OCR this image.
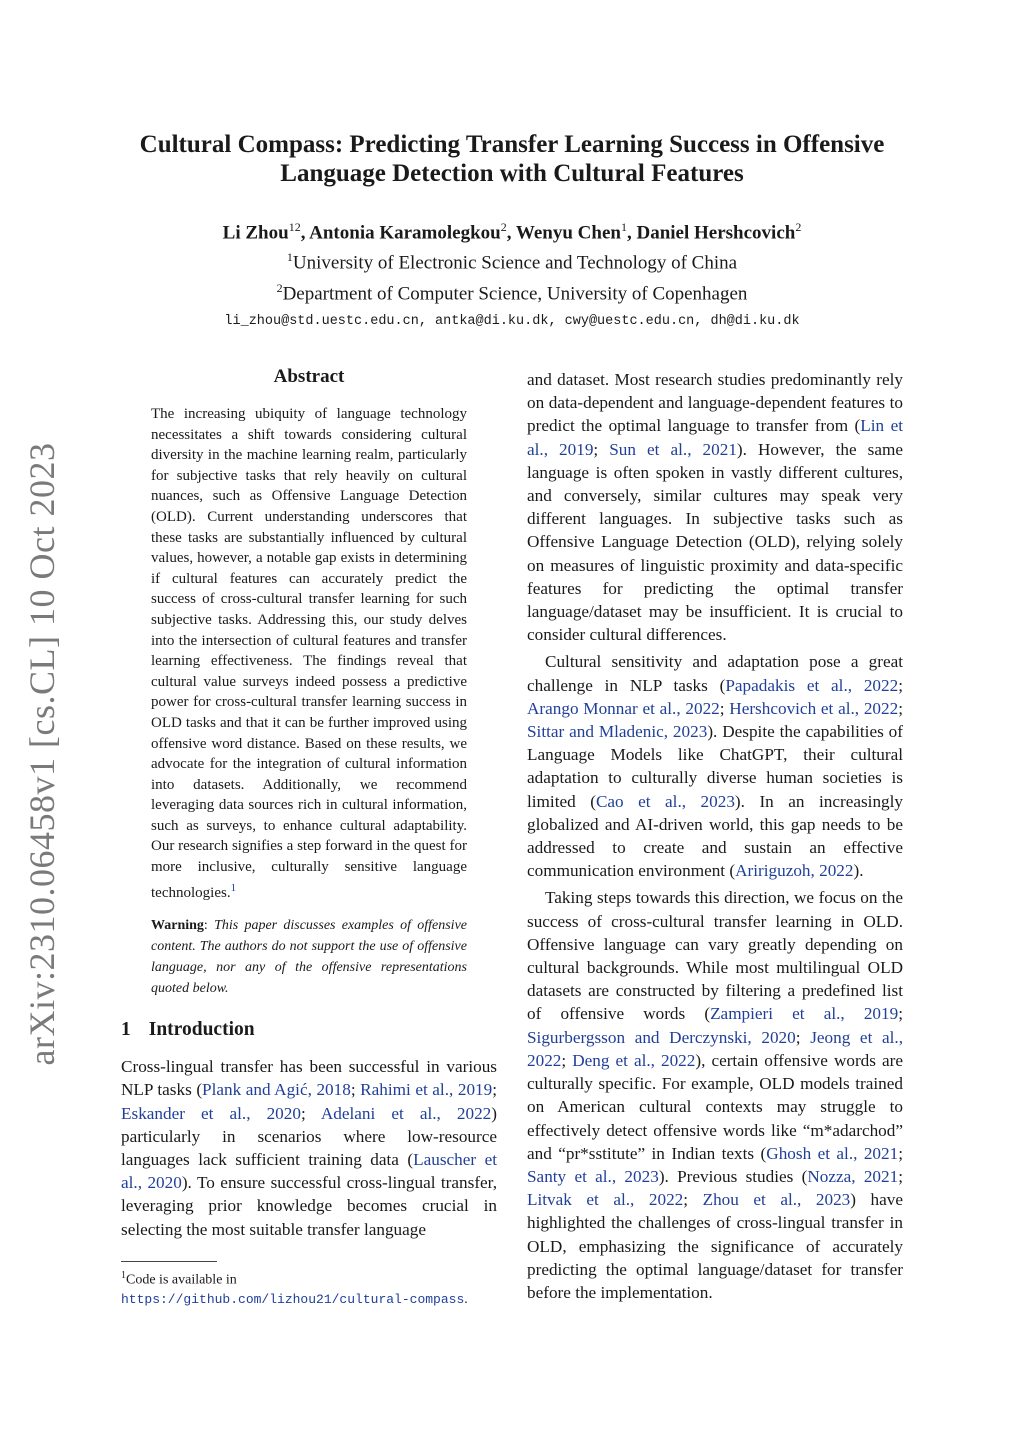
arXiv:2310.06458v1 [cs.CL] 10 Oct 2023
Cultural Compass: Predicting Transfer Learning Success in Offensive
Language Detection with Cultural Features
Li Zhou$^{12}$, Antonia Karamolegkou$^2$, Wenyu Chen$^1$, Daniel Hershcovich$^2$
$^1$University of Electronic Science and Technology of China
$^2$Department of Computer Science, University of Copenhagen
li_zhou@std.uestc.edu.cn, antka@di.ku.dk, cwy@uestc.edu.cn, dh@di.ku.dk
Abstract
The increasing ubiquity of language technology necessitates a shift towards considering cultural diversity in the machine learning realm, particularly for subjective tasks that rely heavily on cultural nuances, such as Offensive Language Detection (OLD). Current understanding underscores that these tasks are substantially influenced by cultural values, however, a notable gap exists in determining if cultural features can accurately predict the success of cross-cultural transfer learning for such subjective tasks. Addressing this, our study delves into the intersection of cultural features and transfer learning effectiveness. The findings reveal that cultural value surveys indeed possess a predictive power for cross-cultural transfer learning success in OLD tasks and that it can be further improved using offensive word distance. Based on these results, we advocate for the integration of cultural information into datasets. Additionally, we recommend leveraging data sources rich in cultural information, such as surveys, to enhance cultural adaptability. Our research signifies a step forward in the quest for more inclusive, culturally sensitive language technologies.$^1$
Warning: This paper discusses examples of offensive content. The authors do not support the use of offensive language, nor any of the offensive representations quoted below.
1 Introduction

Cross-lingual transfer has been successful in various NLP tasks (Plank and Agić, 2018; Rahimi et al., 2019; Eskander et al., 2020; Adelani et al., 2022) particularly in scenarios where low-resource languages lack sufficient training data (Lauscher et al., 2020). To ensure successful cross-lingual transfer, leveraging prior knowledge becomes crucial in selecting the most suitable transfer language

$^1$Code is available in https://github.com/lizhou21/cultural-compass.

and dataset. Most research studies predominantly rely on data-dependent and language-dependent features to predict the optimal language to transfer from (Lin et al., 2019; Sun et al., 2021). However, the same language is often spoken in vastly different cultures, and conversely, similar cultures may speak very different languages. In subjective tasks such as Offensive Language Detection (OLD), relying solely on measures of linguistic proximity and data-specific features for predicting the optimal transfer language/dataset may be insufficient. It is crucial to consider cultural differences.

Cultural sensitivity and adaptation pose a great challenge in NLP tasks (Papadakis et al., 2022; Arango Monnar et al., 2022; Hershcovich et al., 2022; Sittar and Mladenic, 2023). Despite the capabilities of Language Models like ChatGPT, their cultural adaptation to culturally diverse human societies is limited (Cao et al., 2023). In an increasingly globalized and AI-driven world, this gap needs to be addressed to create and sustain an effective communication environment (Aririguzoh, 2022).

Taking steps towards this direction, we focus on the success of cross-cultural transfer learning in OLD. Offensive language can vary greatly depending on cultural backgrounds. While most multilingual OLD datasets are constructed by filtering a predefined list of offensive words (Zampieri et al., 2019; Sigurbergsson and Derczynski, 2020; Jeong et al., 2022; Deng et al., 2022), certain offensive words are culturally specific. For example, OLD models trained on American cultural contexts may struggle to effectively detect offensive words like “m*adarchod” and “pr*sstitute” in Indian texts (Ghosh et al., 2021; Santy et al., 2023). Previous studies (Nozza, 2021; Litvak et al., 2022; Zhou et al., 2023) have highlighted the challenges of cross-lingual transfer in OLD, emphasizing the significance of accurately predicting the optimal language/dataset for transfer before the implementation.
